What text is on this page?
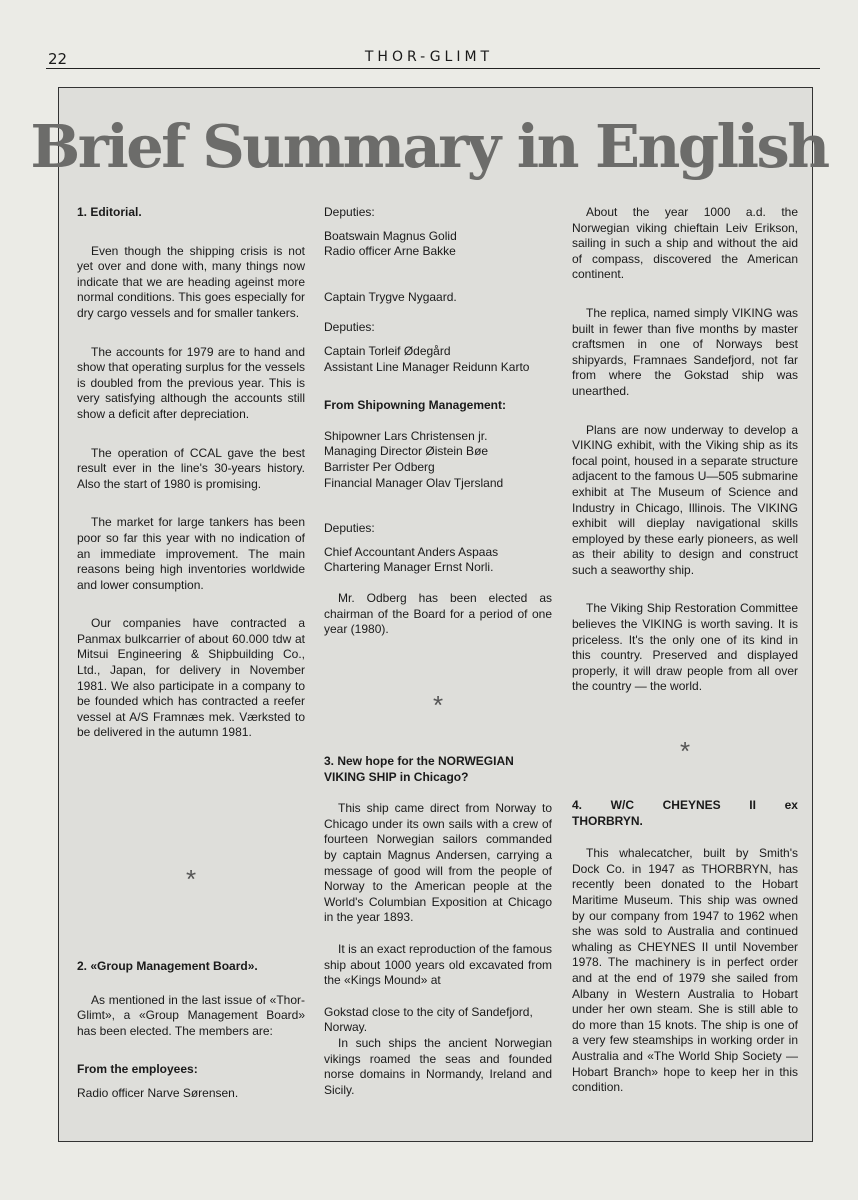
22	THOR-GLIMT
Brief Summary in English

1. Editorial.

Even though the shipping crisis is not yet over and done with, many things now indicate that we are heading ageinst more normal conditions. This goes especially for dry cargo vessels and for smaller tankers.

The accounts for 1979 are to hand and show that operating surplus for the vessels is doubled from the previous year. This is very satisfying although the accounts still show a deficit after depreciation.

The operation of CCAL gave the best result ever in the line's 30-years history. Also the start of 1980 is promising.

The market for large tankers has been poor so far this year with no indication of an immediate improvement. The main reasons being high inventories worldwide and lower consumption.

Our companies have contracted a Panmax bulkcarrier of about 60.000 tdw at Mitsui Engineering & Shipbuilding Co., Ltd., Japan, for delivery in November 1981. We also participate in a company to be founded which has contracted a reefer vessel at A/S Framnæs mek. Værksted to be delivered in the autumn 1981.

*

2. «Group Management Board».

As mentioned in the last issue of «Thor-Glimt», a «Group Management Board» has been elected. The members are:

From the employees:

Radio officer Narve Sørensen.

Deputies:

Boatswain Magnus Golid

Radio officer Arne Bakke

Captain Trygve Nygaard.

Deputies:

Captain Torleif Ødegård

Assistant Line Manager Reidunn Karto

From Shipowning Management:

Shipowner Lars Christensen jr.

Managing Director Øistein Bøe

Barrister Per Odberg

Financial Manager Olav Tjersland

Deputies:

Chief Accountant Anders Aspaas

Chartering Manager Ernst Norli.

Mr. Odberg has been elected as chairman of the Board for a period of one year (1980).

*

3. New hope for the NORWEGIAN VIKING SHIP in Chicago?

This ship came direct from Norway to Chicago under its own sails with a crew of fourteen Norwegian sailors commanded by captain Magnus Andersen, carrying a message of good will from the people of Norway to the American people at the World's Columbian Exposition at Chicago in the year 1893.

It is an exact reproduction of the famous ship about 1000 years old excavated from the «Kings Mound» at

Gokstad close to the city of Sandefjord, Norway.

In such ships the ancient Norwegian vikings roamed the seas and founded norse domains in Normandy, Ireland and Sicily.

About the year 1000 a.d. the Norwegian viking chieftain Leiv Erikson, sailing in such a ship and without the aid of compass, discovered the American continent.

The replica, named simply VIKING was built in fewer than five months by master craftsmen in one of Norways best shipyards, Framnaes Sandefjord, not far from where the Gokstad ship was unearthed.

Plans are now underway to develop a VIKING exhibit, with the Viking ship as its focal point, housed in a separate structure adjacent to the famous U—505 submarine exhibit at The Museum of Science and Industry in Chicago, Illinois. The VIKING exhibit will dieplay navigational skills employed by these early pioneers, as well as their ability to design and construct such a seaworthy ship.

The Viking Ship Restoration Committee believes the VIKING is worth saving. It is priceless. It's the only one of its kind in this country. Preserved and displayed properly, it will draw people from all over the country — the world.

*
4. W/C CHEYNES II ex

THORBRYN.

This whalecatcher, built by Smith's Dock Co. in 1947 as THORBRYN, has recently been donated to the Hobart Maritime Museum. This ship was owned by our company from 1947 to 1962 when she was sold to Australia and continued whaling as CHEYNES II until November 1978. The machinery is in perfect order and at the end of 1979 she sailed from Albany in Western Australia to Hobart under her own steam. She is still able to do more than 15 knots. The ship is one of a very few steamships in working order in Australia and «The World Ship Society — Hobart Branch» hope to keep her in this condition.
